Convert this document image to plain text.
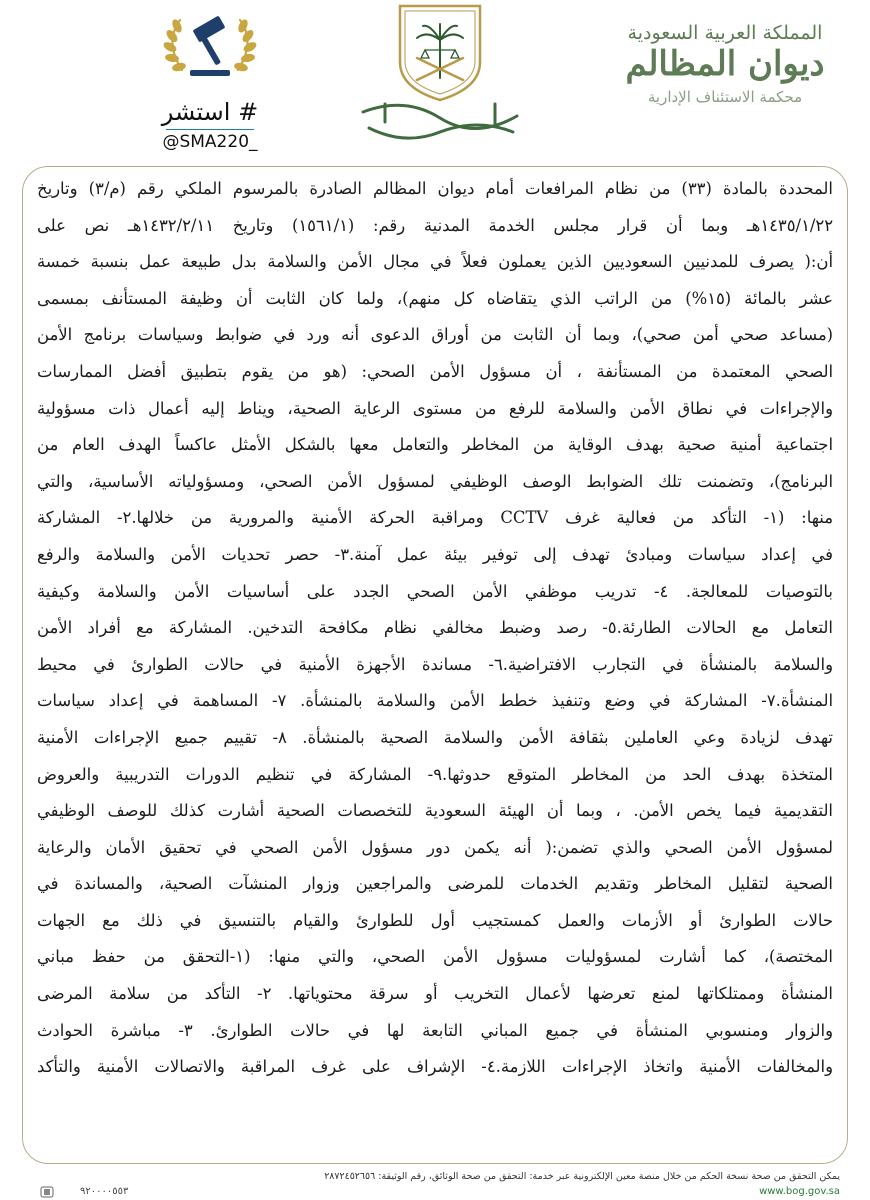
# استشر
@SMA220_
المملكة العربية السعودية
ديوان المظالم
محكمة الاستئناف الإدارية
المحددة بالمادة (٣٣) من نظام المرافعات أمام ديوان المظالم الصادرة بالمرسوم الملكي رقم (م/٣) وتاريخ
١٤٣٥/١/٢٢هـ وبما أن قرار مجلس الخدمة المدنية رقم: (١٥٦١/١) وتاريخ ١٤٣٢/٢/١١هـ نص على
أن:( يصرف للمدنيين السعوديين الذين يعملون فعلاً في مجال الأمن والسلامة بدل طبيعة عمل بنسبة خمسة
عشر بالمائة (١٥%) من الراتب الذي يتقاضاه كل منهم)، ولما كان الثابت أن وظيفة المستأنف بمسمى
(مساعد صحي أمن صحي)، وبما أن الثابت من أوراق الدعوى أنه ورد في ضوابط وسياسات برنامج الأمن
الصحي المعتمدة من المستأنفة ، أن مسؤول الأمن الصحي: (هو من يقوم بتطبيق أفضل الممارسات
والإجراءات في نطاق الأمن والسلامة للرفع من مستوى الرعاية الصحية، ويناط إليه أعمال ذات مسؤولية
اجتماعية أمنية صحية بهدف الوقاية من المخاطر والتعامل معها بالشكل الأمثل عاكساً الهدف العام من
البرنامج)، وتضمنت تلك الضوابط الوصف الوظيفي لمسؤول الأمن الصحي، ومسؤولياته الأساسية، والتي
منها: (١- التأكد من فعالية غرف CCTV ومراقبة الحركة الأمنية والمرورية من خلالها.٢- المشاركة
في إعداد سياسات ومبادئ تهدف إلى توفير بيئة عمل آمنة.٣- حصر تحديات الأمن والسلامة والرفع
بالتوصيات للمعالجة. ٤- تدريب موظفي الأمن الصحي الجدد على أساسيات الأمن والسلامة وكيفية
التعامل مع الحالات الطارئة.٥- رصد وضبط مخالفي نظام مكافحة التدخين. المشاركة مع أفراد الأمن
والسلامة بالمنشأة في التجارب الافتراضية.٦- مساندة الأجهزة الأمنية في حالات الطوارئ في محيط
المنشأة.٧- المشاركة في وضع وتنفيذ خطط الأمن والسلامة بالمنشأة. ٧- المساهمة في إعداد سياسات
تهدف لزيادة وعي العاملين بثقافة الأمن والسلامة الصحية بالمنشأة. ٨- تقييم جميع الإجراءات الأمنية
المتخذة بهدف الحد من المخاطر المتوقع حدوثها.٩- المشاركة في تنظيم الدورات التدريبية والعروض
التقديمية فيما يخص الأمن. ، وبما أن الهيئة السعودية للتخصصات الصحية أشارت كذلك للوصف الوظيفي
لمسؤول الأمن الصحي والذي تضمن:( أنه يكمن دور مسؤول الأمن الصحي في تحقيق الأمان والرعاية
الصحية لتقليل المخاطر وتقديم الخدمات للمرضى والمراجعين وزوار المنشآت الصحية، والمساندة في
حالات الطوارئ أو الأزمات والعمل كمستجيب أول للطوارئ والقيام بالتنسيق في ذلك مع الجهات
المختصة)، كما أشارت لمسؤوليات مسؤول الأمن الصحي، والتي منها: (١-التحقق من حفظ مباني
المنشأة وممتلكاتها لمنع تعرضها لأعمال التخريب أو سرقة محتوياتها. ٢- التأكد من سلامة المرضى
والزوار ومنسوبي المنشأة في جميع المباني التابعة لها في حالات الطوارئ. ٣- مباشرة الحوادث
والمخالفات الأمنية واتخاذ الإجراءات اللازمة.٤- الإشراف على غرف المراقبة والاتصالات الأمنية والتأكد
يمكن التحقق من صحة نسخة الحكم من خلال منصة معين الإلكترونية عبر خدمة: التحقق من صحة الوثائق، رقم الوثيقة: ٢٨٧٢٤٥٢٦٥٦
٩٢٠٠٠٠٥٥٣	www.bog.gov.sa
